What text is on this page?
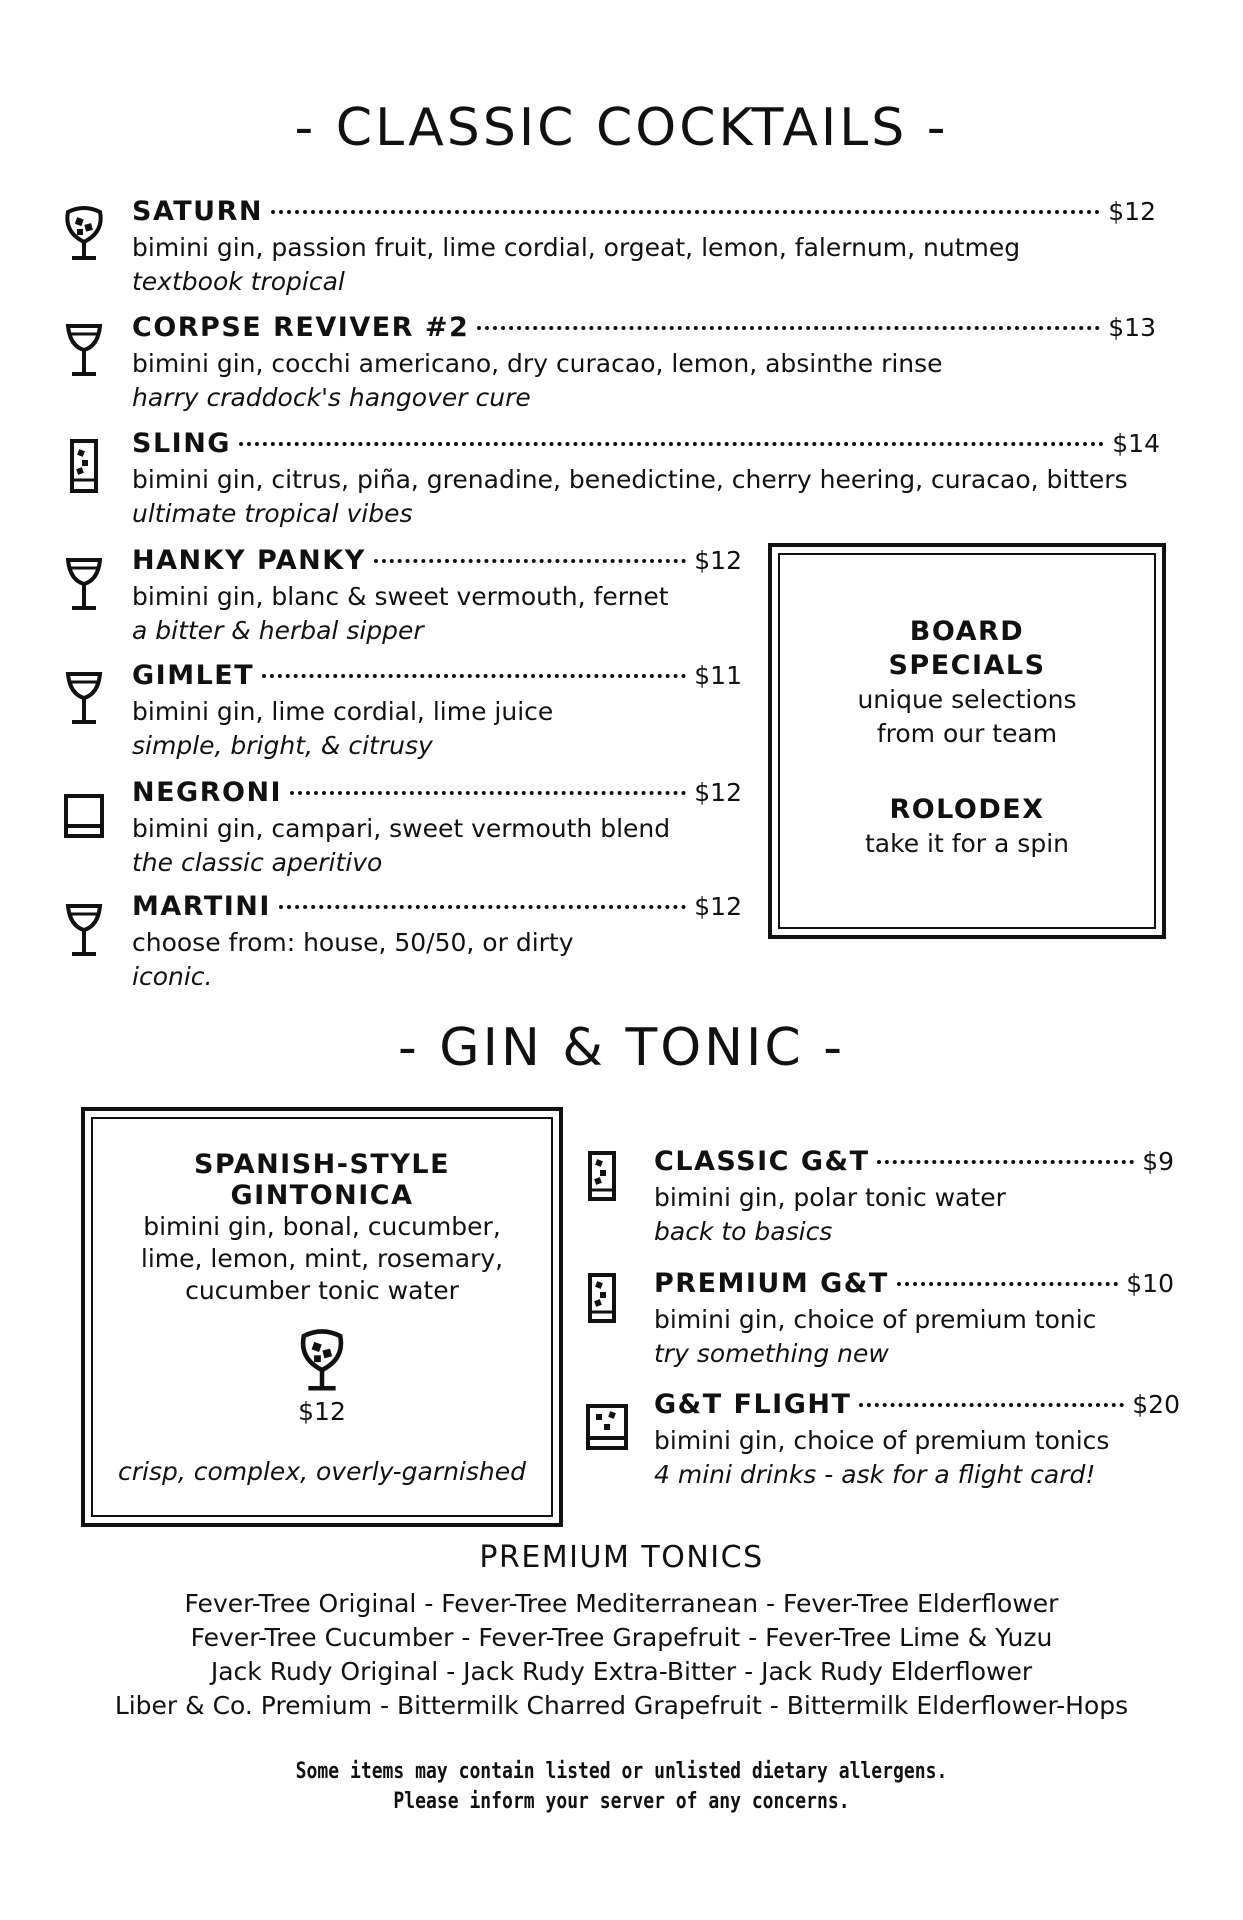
- CLASSIC COCKTAILS -
SATURN	$12
bimini gin, passion fruit, lime cordial, orgeat, lemon, falernum, nutmeg
textbook tropical
CORPSE REVIVER #2	$13
bimini gin, cocchi americano, dry curacao, lemon, absinthe rinse
harry craddock's hangover cure
SLING	$14
bimini gin, citrus, piña, grenadine, benedictine, cherry heering, curacao, bitters
ultimate tropical vibes
HANKY PANKY	$12
bimini gin, blanc & sweet vermouth, fernet
a bitter & herbal sipper
GIMLET	$11
bimini gin, lime cordial, lime juice
simple, bright, & citrusy
NEGRONI	$12
bimini gin, campari, sweet vermouth blend
the classic aperitivo
MARTINI	$12
choose from: house, 50/50, or dirty
iconic.
BOARD
SPECIALS
unique selections
from our team
ROLODEX
take it for a spin
- GIN & TONIC -
SPANISH-STYLE
GINTONICA
bimini gin, bonal, cucumber,
lime, lemon, mint, rosemary,
cucumber tonic water
$12
crisp, complex, overly-garnished
CLASSIC G&T	$9
bimini gin, polar tonic water
back to basics
PREMIUM G&T	$10
bimini gin, choice of premium tonic
try something new
G&T FLIGHT	$20
bimini gin, choice of premium tonics
4 mini drinks - ask for a flight card!
PREMIUM TONICS
Fever-Tree Original - Fever-Tree Mediterranean - Fever-Tree Elderflower
Fever-Tree Cucumber - Fever-Tree Grapefruit - Fever-Tree Lime & Yuzu
Jack Rudy Original - Jack Rudy Extra-Bitter - Jack Rudy Elderflower
Liber & Co. Premium - Bittermilk Charred Grapefruit - Bittermilk Elderflower-Hops
Some items may contain listed or unlisted dietary allergens.
Please inform your server of any concerns.
